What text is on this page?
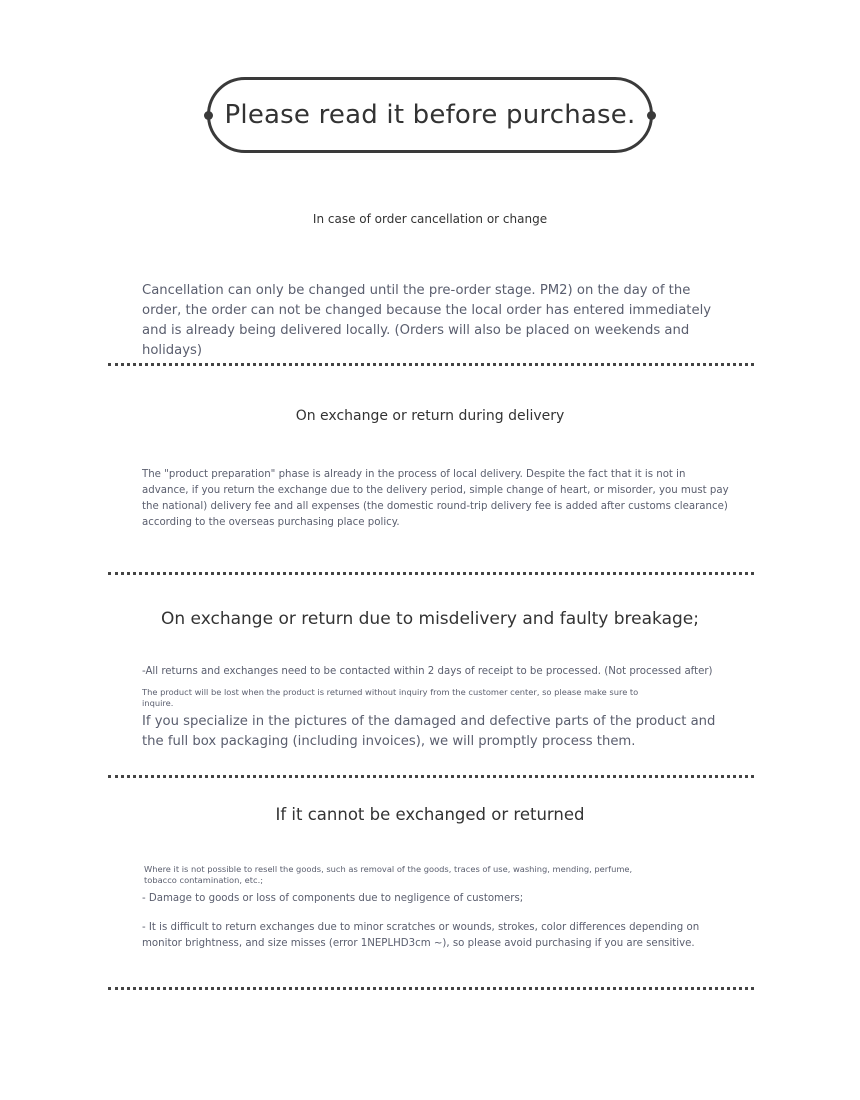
Please read it before purchase.
In case of order cancellation or change
Cancellation can only be changed until the pre-order stage. PM2) on the day of the order, the order can not be changed because the local order has entered immediately and is already being delivered locally. (Orders will also be placed on weekends and holidays)
On exchange or return during delivery
The "product preparation" phase is already in the process of local delivery. Despite the fact that it is not in advance, if you return the exchange due to the delivery period, simple change of heart, or misorder, you must pay the national) delivery fee and all expenses (the domestic round-trip delivery fee is added after customs clearance) according to the overseas purchasing place policy.
On exchange or return due to misdelivery and faulty breakage;
-All returns and exchanges need to be contacted within 2 days of receipt to be processed. (Not processed after)
The product will be lost when the product is returned without inquiry from the customer center, so please make sure to inquire.
If you specialize in the pictures of the damaged and defective parts of the product and the full box packaging (including invoices), we will promptly process them.
If it cannot be exchanged or returned
Where it is not possible to resell the goods, such as removal of the goods, traces of use, washing, mending, perfume, tobacco contamination, etc.;
- Damage to goods or loss of components due to negligence of customers;
- It is difficult to return exchanges due to minor scratches or wounds, strokes, color differences depending on monitor brightness, and size misses (error 1NEPLHD3cm ~), so please avoid purchasing if you are sensitive.
